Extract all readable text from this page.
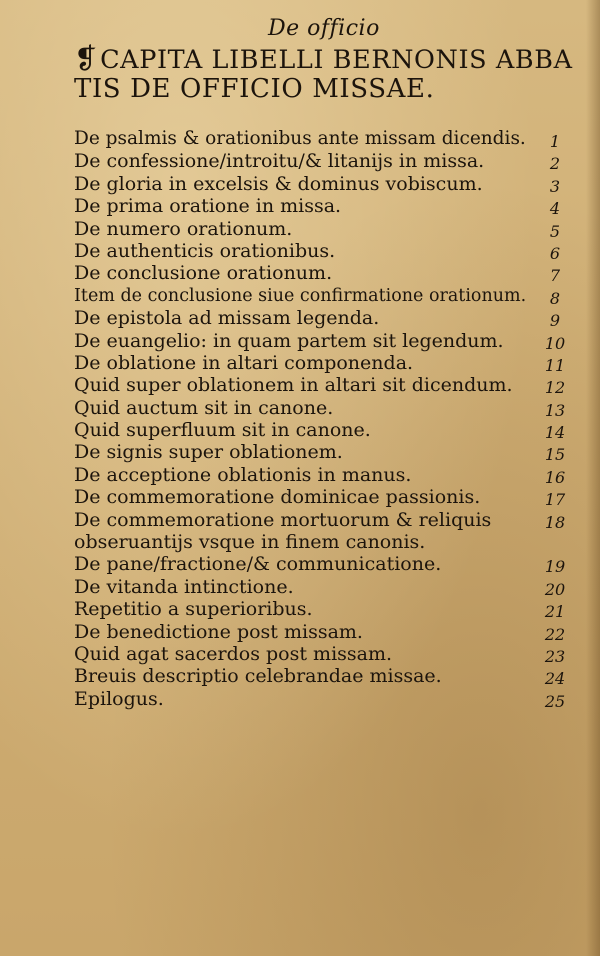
De officio
❡CAPITA LIBELLI BERNONIS ABBA
TIS DE OFFICIO MISSAE.
De psalmis & orationibus ante missam dicendis.	1
De confessione/introitu/& litanijs in missa.	2
De gloria in excelsis & dominus vobiscum.	3
De prima oratione in missa.	4
De numero orationum.	5
De authenticis orationibus.	6
De conclusione orationum.	7
Item de conclusione siue confirmatione orationum.	8
De epistola ad missam legenda.	9
De euangelio: in quam partem sit legendum.	10
De oblatione in altari componenda.	11
Quid super oblationem in altari sit dicendum.	12
Quid auctum sit in canone.	13
Quid superfluum sit in canone.	14
De signis super oblationem.	15
De acceptione oblationis in manus.	16
De commemoratione dominicae passionis.	17
De commemoratione mortuorum & reliquis	18
obseruantijs vsque in finem canonis.
De pane/fractione/& communicatione.	19
De vitanda intinctione.	20
Repetitio a superioribus.	21
De benedictione post missam.	22
Quid agat sacerdos post missam.	23
Breuis descriptio celebrandae missae.	24
Epilogus.	25
